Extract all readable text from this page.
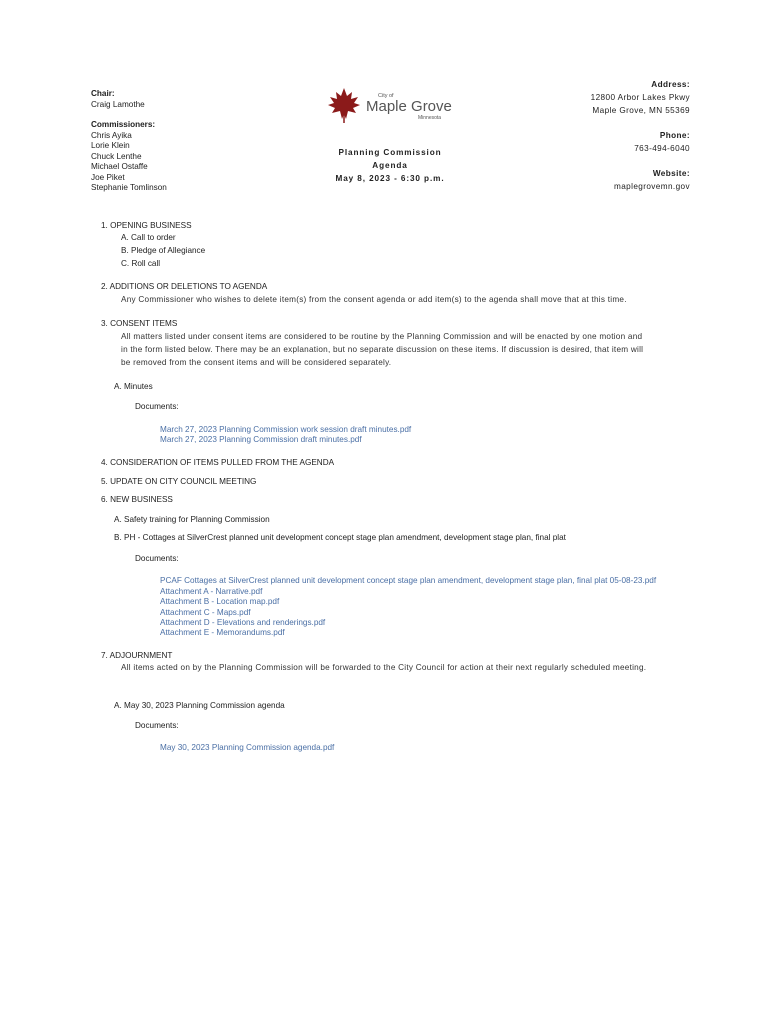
Chair:
Craig Lamothe
Commissioners:
Chris Ayika
Lorie Klein
Chuck Lenthe
Michael Ostaffe
Joe Piket
Stephanie Tomlinson
City of
Maple Grove
Minnesota
Planning Commission
Agenda
May 8, 2023 - 6:30 p.m.
Address:
12800 Arbor Lakes Pkwy
Maple Grove, MN 55369
Phone:
763-494-6040
Website:
maplegrovemn.gov
1. OPENING BUSINESS
A. Call to order
B. Pledge of Allegiance
C. Roll call
2. ADDITIONS OR DELETIONS TO AGENDA
Any Commissioner who wishes to delete item(s) from the consent agenda or add item(s) to the agenda shall move that at this time.
3. CONSENT ITEMS
All matters listed under consent items are considered to be routine by the Planning Commission and will be enacted by one motion and
in the form listed below. There may be an explanation, but no separate discussion on these items. If discussion is desired, that item will
be removed from the consent items and will be considered separately.
A. Minutes
Documents:
March 27, 2023 Planning Commission work session draft minutes.pdf
March 27, 2023 Planning Commission draft minutes.pdf
4. CONSIDERATION OF ITEMS PULLED FROM THE AGENDA
5. UPDATE ON CITY COUNCIL MEETING
6. NEW BUSINESS
A. Safety training for Planning Commission
B. PH - Cottages at SilverCrest planned unit development concept stage plan amendment, development stage plan, final plat
Documents:
PCAF Cottages at SilverCrest planned unit development concept stage plan amendment, development stage plan, final plat 05-08-23.pdf
Attachment A - Narrative.pdf
Attachment B - Location map.pdf
Attachment C - Maps.pdf
Attachment D - Elevations and renderings.pdf
Attachment E - Memorandums.pdf
7. ADJOURNMENT
All items acted on by the Planning Commission will be forwarded to the City Council for action at their next regularly scheduled meeting.
A. May 30, 2023 Planning Commission agenda
Documents:
May 30, 2023 Planning Commission agenda.pdf
